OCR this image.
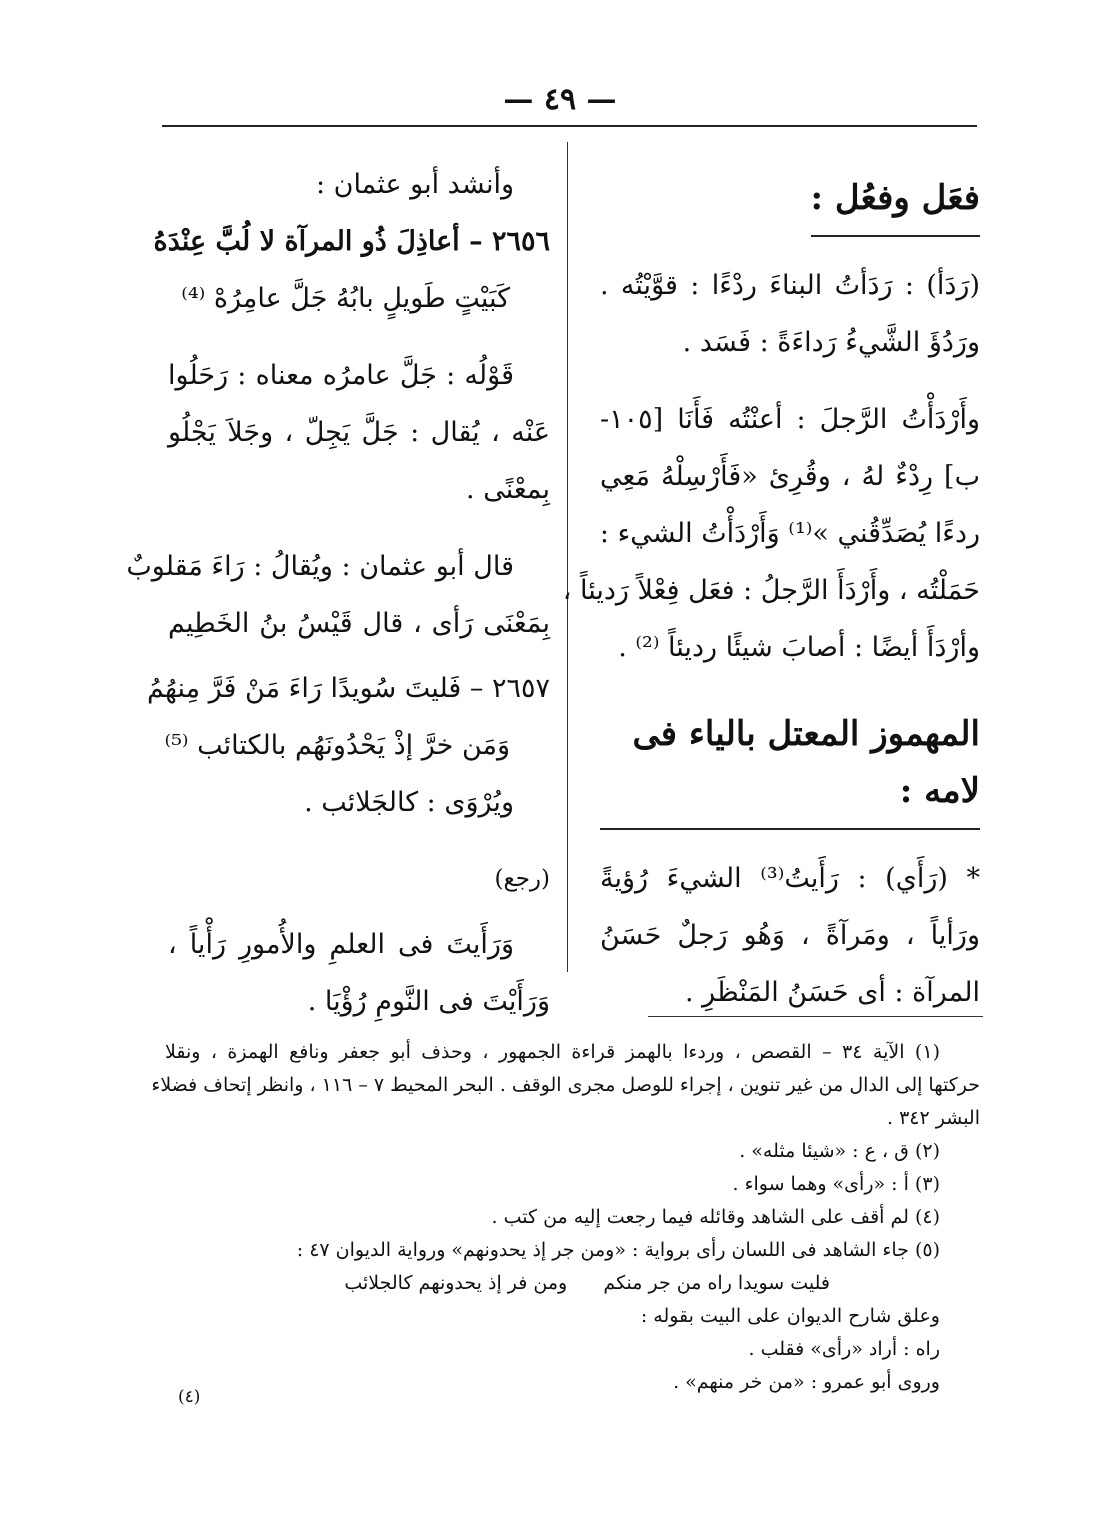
— ٤٩ —
فعَل وفعُل :
(رَدَأ) : رَدَأتُ البناءَ ردْءًا : قوَّيْتُه .
ورَدُؤَ الشَّيءُ رَداءَةً : فَسَد .
وأَرْدَأْتُ الرَّجلَ : أعنْتُه فَأَنَا [١٠٥-
ب] رِدْءٌ لهُ ، وقُرِئ «فَأَرْسِلْهُ مَعِي
ردءًا يُصَدِّقُني »⁽¹⁾ وَأَرْدَأْتُ الشيء :
حَمَلْتُه ، وأَرْدَأَ الرَّجلُ : فعَل فِعْلاً رَديئاً ،
وأرْدَأَ أيضًا : أصابَ شيئًا رديئاً ⁽²⁾ .
المهموز المعتل بالياء فى لامه :
* (رَأَي) : رَأَيتُ⁽³⁾ الشيءَ رُؤيةً
ورَأياً ، ومَرآةً ، وَهُو رَجلٌ حَسَنُ
المرآة : أى حَسَنُ المَنْظَرِ .
وأنشد أبو عثمان :
٢٦٥٦ – أعاذِلَ ذُو المرآة لا لُبَّ عِنْدَهُ
كَبَيْتٍ طَويلٍ بابُهُ جَلَّ عامِرُهْ ⁽⁴⁾
قَوْلُه : جَلَّ عامرُه معناه : رَحَلُوا
عَنْه ، يُقال : جَلَّ يَجِلّ ، وجَلاَ يَجْلُو
بِمعْنًى .
قال أبو عثمان : ويُقالُ : رَاءَ مَقلوبٌ
بِمَعْنَى رَأى ، قال قَيْسُ بنُ الخَطِيم
٢٦٥٧ – فَليتَ سُويدًا رَاءَ مَنْ فَرَّ مِنهُمُ
وَمَن خرَّ إذْ يَحْدُونَهُم بالكتائب ⁽⁵⁾
ويُرْوَى : كالجَلائب .
(رجع)
وَرَأَيتَ فى العلمِ والأُمورِ رَأْياً ،
وَرَأَيْتَ فى النَّومِ رُؤْيَا .
(١) الآية ٣٤ – القصص ، وردءا بالهمز قراءة الجمهور ، وحذف أبو جعفر ونافع الهمزة ، ونقلا
حركتها إلى الدال من غير تنوين ، إجراء للوصل مجرى الوقف . البحر المحيط ٧ – ١١٦ ، وانظر إتحاف فضلاء
البشر ٣٤٢ .
(٢) ق ، ع : «شيئا مثله» .
(٣) أ : «رأى» وهما سواء .
(٤) لم أقف على الشاهد وقائله فيما رجعت إليه من كتب .
(٥) جاء الشاهد فى اللسان رأى برواية : «ومن جر إذ يحدونهم» ورواية الديوان ٤٧ :
فليت سويدا راه من جر منكم      ومن فر إذ يحدونهم كالجلائب
وعلق شارح الديوان على البيت بقوله :
راه : أراد «رأى» فقلب .
وروى أبو عمرو : «من خر منهم» .
(٤)
